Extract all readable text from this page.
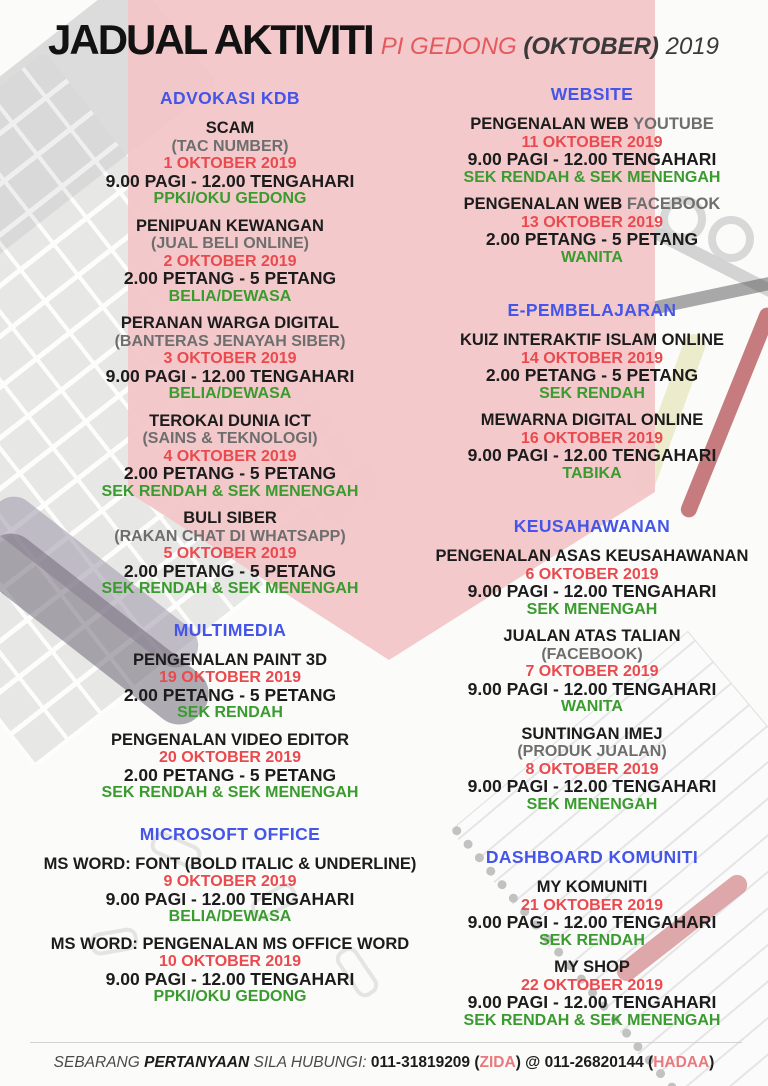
JADUAL AKTIVITI PI GEDONG (OKTOBER) 2019
ADVOKASI KDB
SCAM
(TAC NUMBER)
1 OKTOBER 2019
9.00 PAGI - 12.00 TENGAHARI
PPKI/OKU GEDONG
PENIPUAN KEWANGAN
(JUAL BELI ONLINE)
2 OKTOBER 2019
2.00 PETANG - 5 PETANG
BELIA/DEWASA
PERANAN WARGA DIGITAL
(BANTERAS JENAYAH SIBER)
3 OKTOBER 2019
9.00 PAGI - 12.00 TENGAHARI
BELIA/DEWASA
TEROKAI DUNIA ICT
(SAINS & TEKNOLOGI)
4 OKTOBER 2019
2.00 PETANG - 5 PETANG
SEK RENDAH & SEK MENENGAH
BULI SIBER
(RAKAN CHAT DI WHATSAPP)
5 OKTOBER 2019
2.00 PETANG - 5 PETANG
SEK RENDAH & SEK MENENGAH
MULTIMEDIA
PENGENALAN PAINT 3D
19 OKTOBER 2019
2.00 PETANG - 5 PETANG
SEK RENDAH
PENGENALAN VIDEO EDITOR
20 OKTOBER 2019
2.00 PETANG - 5 PETANG
SEK RENDAH & SEK MENENGAH
MICROSOFT OFFICE
MS WORD: FONT (BOLD ITALIC & UNDERLINE)
9 OKTOBER 2019
9.00 PAGI - 12.00 TENGAHARI
BELIA/DEWASA
MS WORD: PENGENALAN MS OFFICE WORD
10 OKTOBER 2019
9.00 PAGI - 12.00 TENGAHARI
PPKI/OKU GEDONG
WEBSITE
PENGENALAN WEB YOUTUBE
11 OKTOBER 2019
9.00 PAGI - 12.00 TENGAHARI
SEK RENDAH & SEK MENENGAH
PENGENALAN WEB FACEBOOK
13 OKTOBER 2019
2.00 PETANG - 5 PETANG
WANITA
E-PEMBELAJARAN
KUIZ INTERAKTIF ISLAM ONLINE
14 OKTOBER 2019
2.00 PETANG - 5 PETANG
SEK RENDAH
MEWARNA DIGITAL ONLINE
16 OKTOBER 2019
9.00 PAGI - 12.00 TENGAHARI
TABIKA
KEUSAHAWANAN
PENGENALAN ASAS KEUSAHAWANAN
6 OKTOBER 2019
9.00 PAGI - 12.00 TENGAHARI
SEK MENENGAH
JUALAN ATAS TALIAN
(FACEBOOK)
7 OKTOBER 2019
9.00 PAGI - 12.00 TENGAHARI
WANITA
SUNTINGAN IMEJ
(PRODUK JUALAN)
8 OKTOBER 2019
9.00 PAGI - 12.00 TENGAHARI
SEK MENENGAH
DASHBOARD KOMUNITI
MY KOMUNITI
21 OKTOBER 2019
9.00 PAGI - 12.00 TENGAHARI
SEK RENDAH
MY SHOP
22 OKTOBER 2019
9.00 PAGI - 12.00 TENGAHARI
SEK RENDAH & SEK MENENGAH
SEBARANG PERTANYAAN SILA HUBUNGI: 011-31819209 (ZIDA) @ 011-26820144 (HADAA)
